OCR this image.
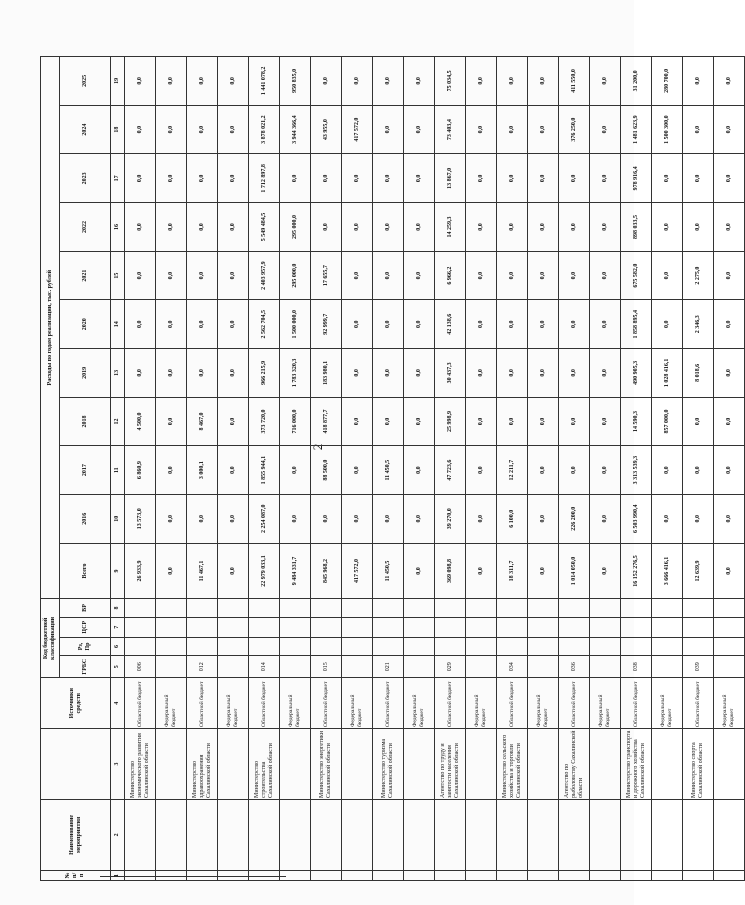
2
№ п/п	Наименование мероприятия		Источники средств	Код бюджетной классификации				Расходы по годам реализации, тыс. рублей										
				ГРБС	Рз, Пр	ЦСР	ВР	Всего	2016	2017	2018	2019	2020	2021	2022	2023	2024	2025
1	2	3	4	5	6	7	8	9	10	11	12	13	14	15	16	17	18	19
		Министерство экономического развития Сахалинской области	Областной бюджет	006				26 933,9	13 573,0	6 860,9	4 500,0	0,0	0,0	0,0	0,0	0,0	0,0	0,0
			Федеральный бюджет					0,0	0,0	0,0	0,0	0,0	0,0	0,0	0,0	0,0	0,0	0,0
		Министерство здравоохранения Сахалинской области	Областной бюджет	012				11 467,1	0,0	3 000,1	8 467,0	0,0	0,0	0,0	0,0	0,0	0,0	0,0
			Федеральный бюджет					0,0	0,0	0,0	0,0	0,0	0,0	0,0	0,0	0,0	0,0	0,0
		Министерство строительства Сахалинской области	Областной бюджет	014				22 979 033,1	2 254 087,0	1 855 944,1	373 720,0	966 215,9	2 562 704,5	2 403 957,9	5 549 484,5	1 712 897,8	3 878 021,2	1 441 078,2
			Федеральный бюджет					9 484 331,7	0,0	0,0	716 000,0	1 783 320,3	1 500 000,0	295 000,0	295 000,0	0,0	3 944 366,4	950 835,0
		Министерство энергетики Сахалинской области	Областной бюджет	015				845 968,2	0,0	88 500,0	418 877,7	183 980,1	92 999,7	17 655,7	0,0	0,0	43 955,0	0,0
			Федеральный бюджет					417 572,0	0,0	0,0	0,0	0,0	0,0	0,0	0,0	0,0	417 572,0	0,0
		Министерство туризма Сахалинской области	Областной бюджет	021				11 450,5	0,0	11 450,5	0,0	0,0	0,0	0,0	0,0	0,0	0,0	0,0
			Федеральный бюджет					0,0	0,0	0,0	0,0	0,0	0,0	0,0	0,0	0,0	0,0	0,0
		Агентство по труду и занятости населения Сахалинской области	Областной бюджет	029				369 098,8	39 270,0	47 723,6	25 998,9	30 437,3	42 138,6	6 966,2	14 259,3	13 867,0	73 403,4	75 034,5
			Федеральный бюджет					0,0	0,0	0,0	0,0	0,0	0,0	0,0	0,0	0,0	0,0	0,0
		Министерство сельского хозяйства и торговли Сахалинской области	Областной бюджет	034				18 311,7	6 100,0	12 211,7	0,0	0,0	0,0	0,0	0,0	0,0	0,0	0,0
			Федеральный бюджет					0,0	0,0	0,0	0,0	0,0	0,0	0,0	0,0	0,0	0,0	0,0
		Агентство по рыболовству Сахалинской области	Областной бюджет	036				1 014 050,0	226 200,0	0,0	0,0	0,0	0,0	0,0	0,0	0,0	376 250,0	411 550,0
			Федеральный бюджет					0,0	0,0	0,0	0,0	0,0	0,0	0,0	0,0	0,0	0,0	0,0
		Министерство транспорта и дорожного хозяйства Сахалинской области	Областной бюджет	038				16 152 276,5	6 503 990,4	3 313 539,3	14 590,3	490 905,3	1 858 895,4	675 582,0	898 033,5	978 916,4	1 481 623,9	31 200,0
			Федеральный бюджет					3 666 416,1	0,0	0,0	857 000,0	1 028 416,1	0,0	0,0	0,0	0,0	1 500 300,0	280 700,0
		Министерство спорта Сахалинской области	Областной бюджет	039				12 639,9	0,0	0,0	0,0	8 018,6	2 346,3	2 275,0	0,0	0,0	0,0	0,0
			Федеральный бюджет					0,0	0,0	0,0	0,0	0,0	0,0	0,0	0,0	0,0	0,0	0,0
